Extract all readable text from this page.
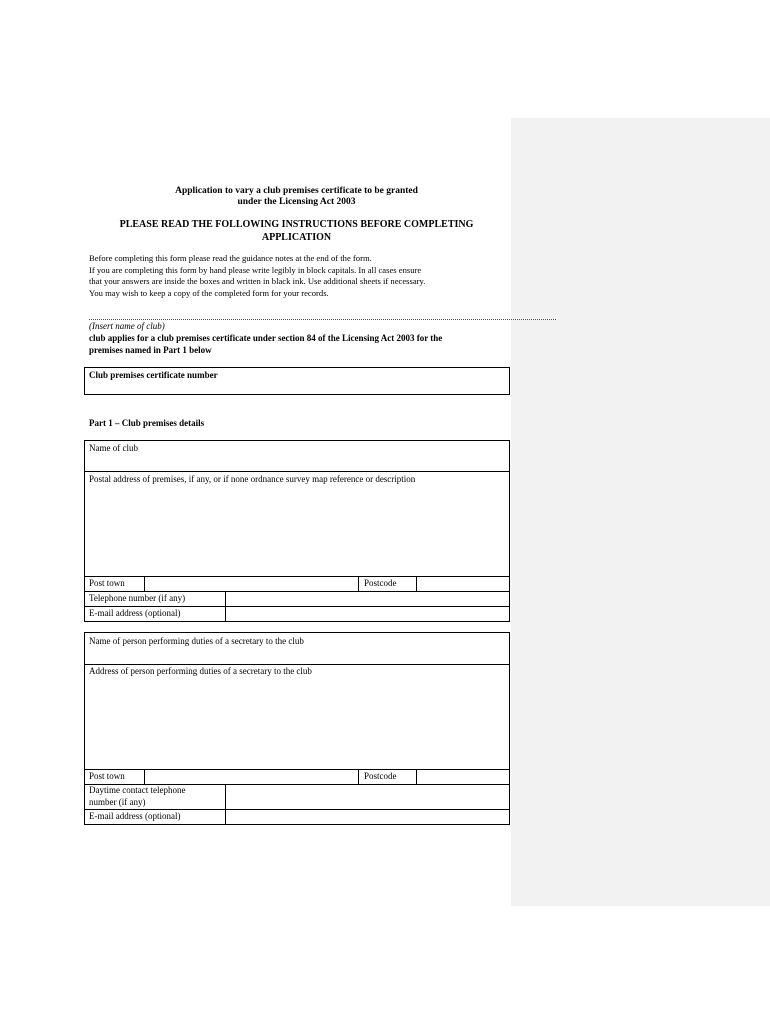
Application to vary a club premises certificate to be granted
under the Licensing Act 2003
PLEASE READ THE FOLLOWING INSTRUCTIONS BEFORE COMPLETING
APPLICATION
Before completing this form please read the guidance notes at the end of the form.
If you are completing this form by hand please write legibly in block capitals. In all cases ensure
that your answers are inside the boxes and written in black ink. Use additional sheets if necessary.
You may wish to keep a copy of the completed form for your records.
(Insert name of club)
club applies for a club premises certificate under section 84 of the Licensing Act 2003 for the
premises named in Part 1 below
Club premises certificate number
Part 1 – Club premises details
Name of club
Postal address of premises, if any, or if none ordnance survey map reference or description
Post town	Postcode
Telephone number (if any)
E-mail address (optional)
Name of person performing duties of a secretary to the club
Address of person performing duties of a secretary to the club
Post town	Postcode
Daytime contact telephone
number (if any)
E-mail address (optional)
